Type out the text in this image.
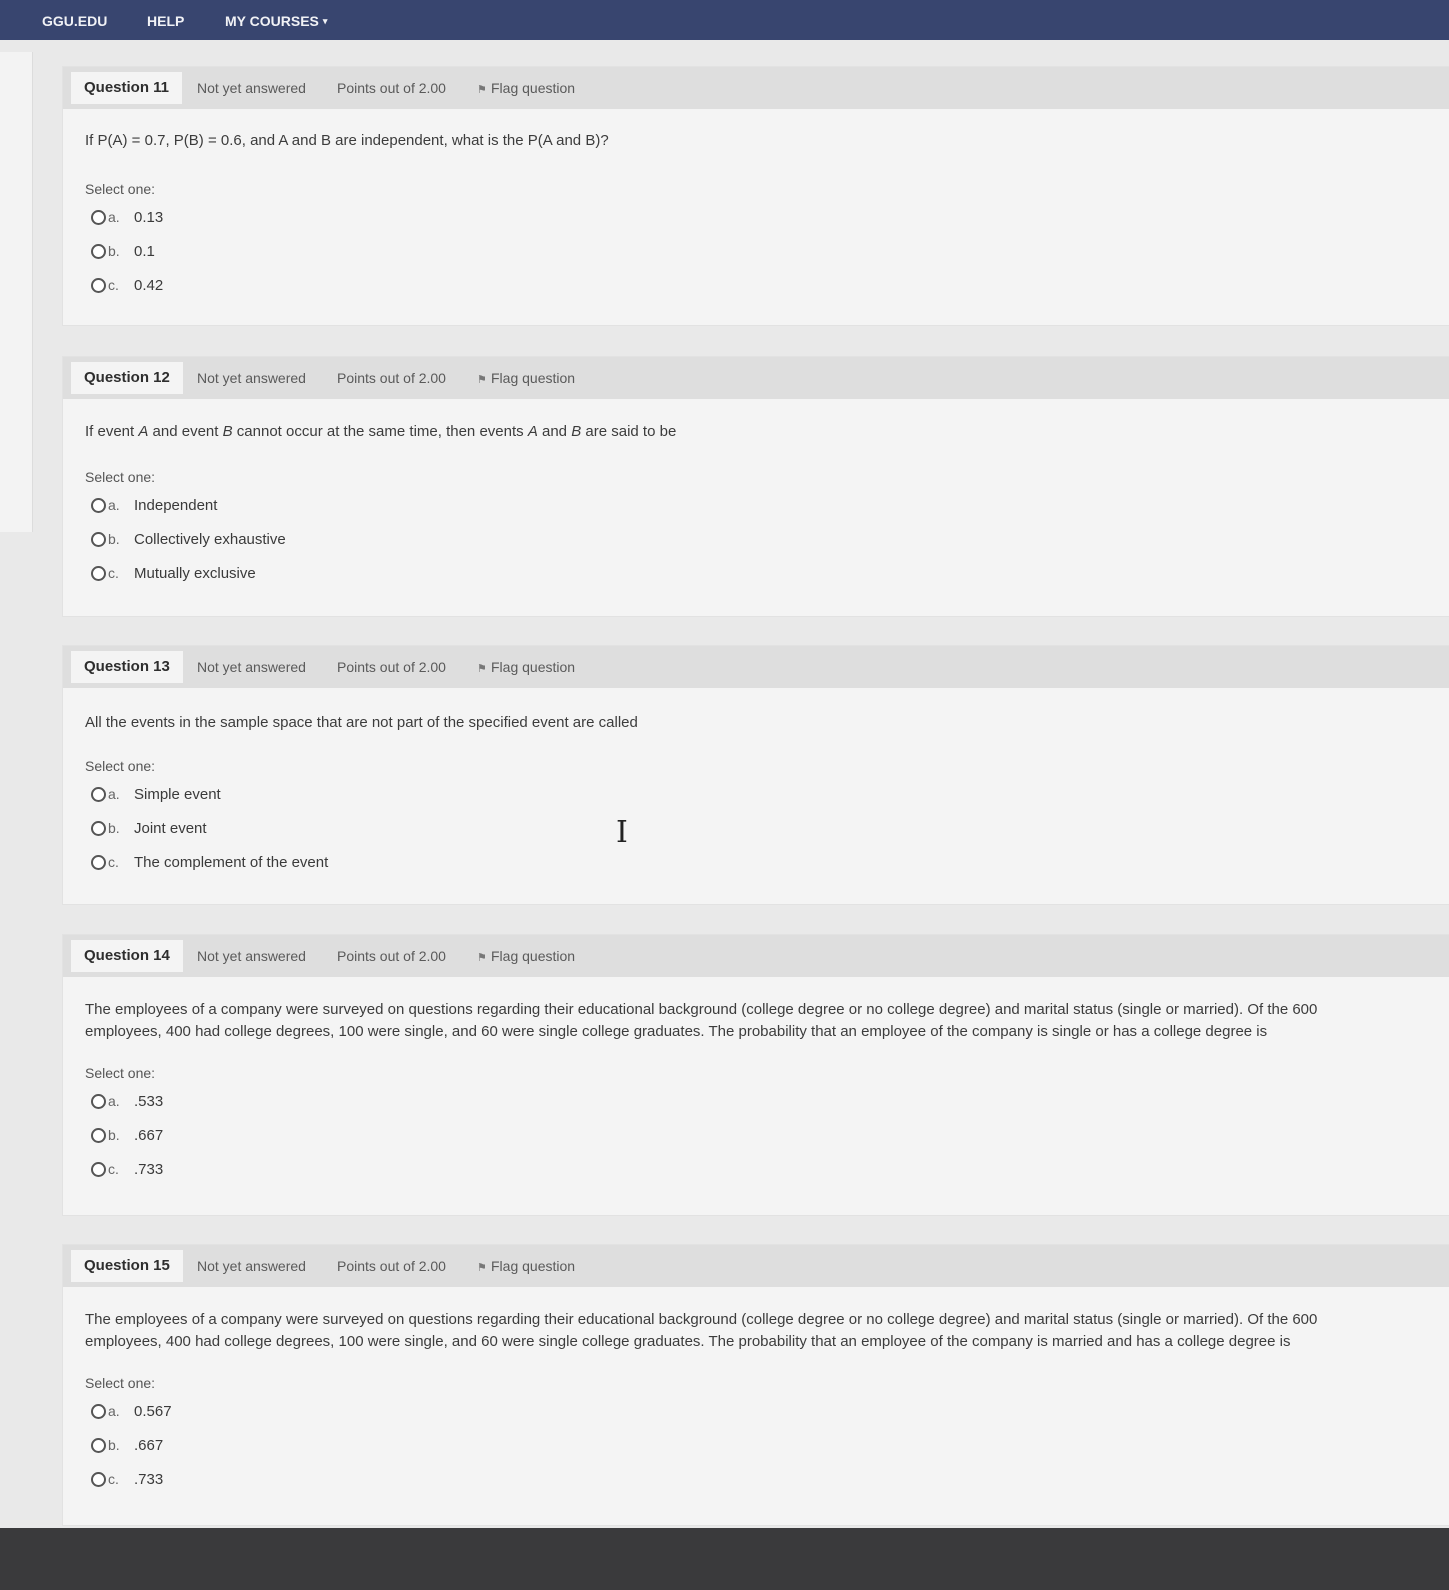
GGU.EDU	HELP	MY COURSES ▾
Question 11	Not yet answered Points out of 2.00	⚑ Flag question
If P(A) = 0.7, P(B) = 0.6, and A and B are independent, what is the P(A and B)?
Select one:
a. 0.13
b. 0.1
c.	0.42
Question 12	Not yet answered Points out of 2.00	⚑ Flag question
If event A and event B cannot occur at the same time, then events A and B are said to be
Select one:
a. Independent
b. Collectively exhaustive
c.	Mutually exclusive
Question 13	Not yet answered Points out of 2.00	⚑ Flag question
All the events in the sample space that are not part of the specified event are called
Select one:
a. Simple event
b. Joint event
c.	The complement of the event
Question 14	Not yet answered Points out of 2.00	⚑ Flag question
The employees of a company were surveyed on questions regarding their educational background (college degree or no college degree) and marital status (single or married). Of the 600 employees, 400 had college degrees, 100 were single, and 60 were single college graduates. The probability that an employee of the company is single or has a college degree is
Select one:
a. .533
b. .667
c.	.733
Question 15	Not yet answered Points out of 2.00	⚑ Flag question
The employees of a company were surveyed on questions regarding their educational background (college degree or no college degree) and marital status (single or married). Of the 600 employees, 400 had college degrees, 100 were single, and 60 were single college graduates. The probability that an employee of the company is married and has a college degree is
Select one:
a. 0.567
b. .667
c.	.733
I
